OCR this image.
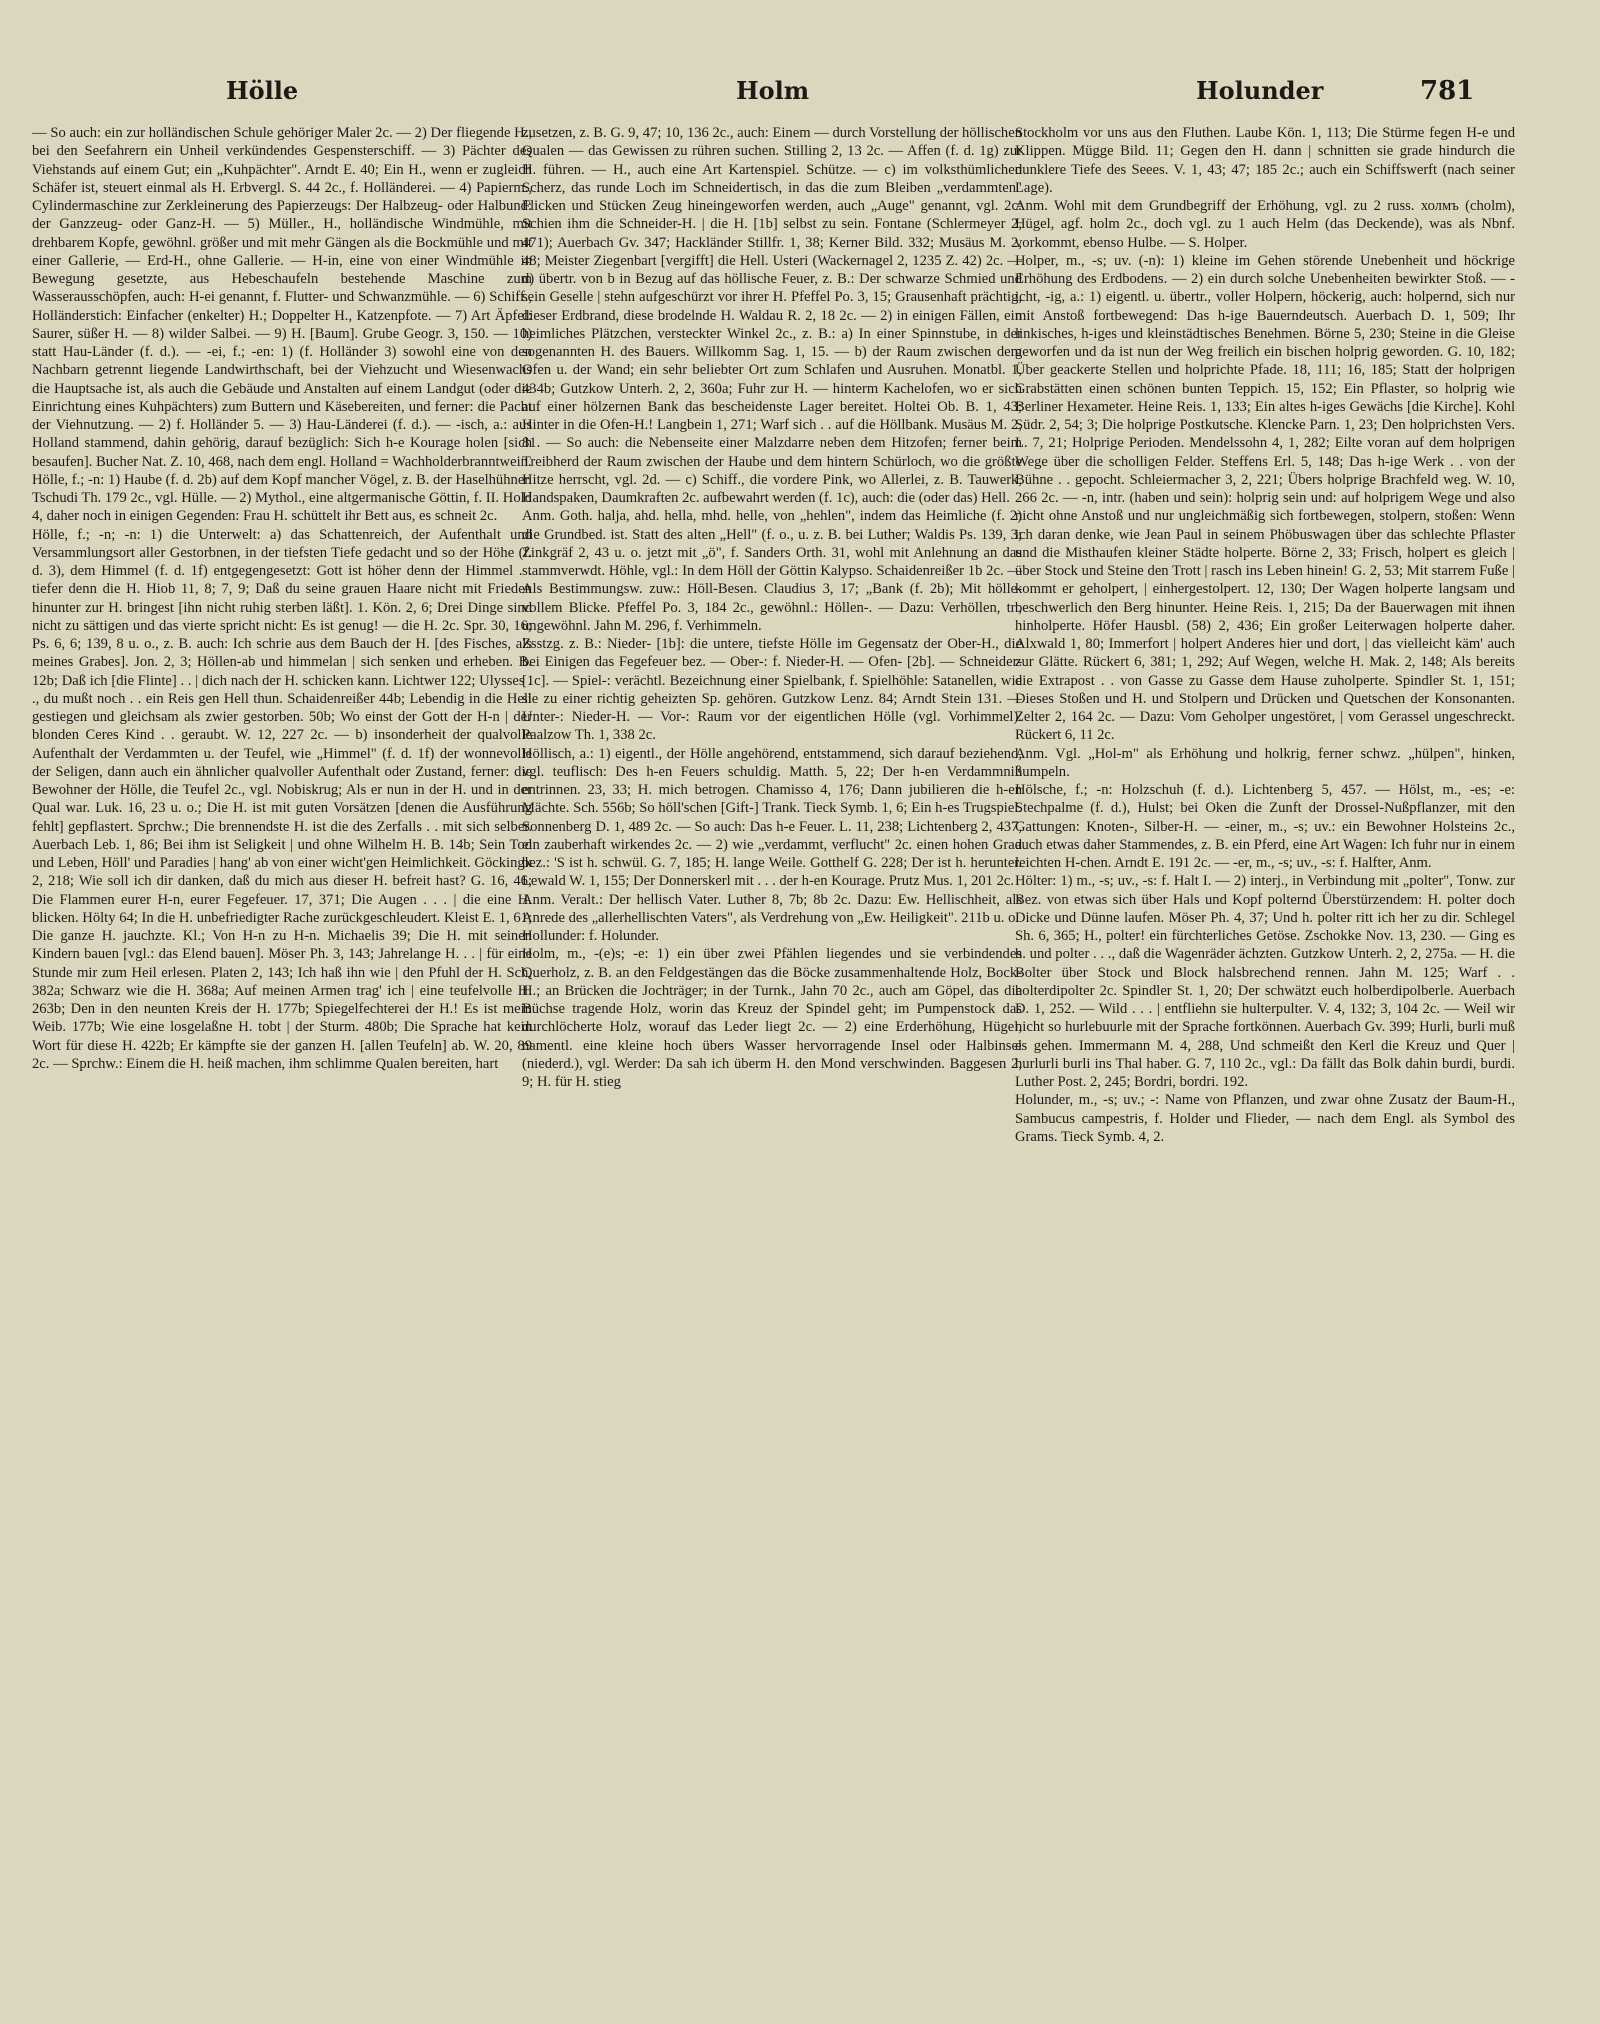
Hölle	Holm	Holunder	781

— So auch: ein zur holländischen Schule gehöriger Maler 2c. — 2) Der fliegende H., bei den Seefahrern ein Unheil verkündendes Gespensterschiff. — 3) Pächter des Viehstands auf einem Gut; ein „Kuhpächter". Arndt E. 40; Ein H., wenn er zugleich Schäfer ist, steuert einmal als H. Erbvergl. S. 44 2c., f. Holländerei. — 4) Papierm., Cylindermaschine zur Zerkleinerung des Papierzeugs: Der Halbzeug- oder Halbund: der Ganzzeug- oder Ganz-H. — 5) Müller., H., holländische Windmühle, mit drehbarem Kopfe, gewöhnl. größer und mit mehr Gängen als die Bockmühle und mit einer Gallerie, — Erd-H., ohne Gallerie. — H-in, eine von einer Windmühle in Bewegung gesetzte, aus Hebeschaufeln bestehende Maschine zum Wasserausschöpfen, auch: H-ei genannt, f. Flutter- und Schwanzmühle. — 6) Schiff., Holländerstich: Einfacher (enkelter) H.; Doppelter H., Katzenpfote. — 7) Art Äpfel: Saurer, süßer H. — 8) wilder Salbei. — 9) H. [Baum]. Grube Geogr. 3, 150. — 10) statt Hau-Länder (f. d.). — -ei, f.; -en: 1) (f. Holländer 3) sowohl eine von den Nachbarn getrennt liegende Landwirthschaft, bei der Viehzucht und Wiesenwachs die Hauptsache ist, als auch die Gebäude und Anstalten auf einem Landgut (oder die Einrichtung eines Kuhpächters) zum Buttern und Käsebereiten, und ferner: die Pacht der Viehnutzung. — 2) f. Holländer 5. — 3) Hau-Länderei (f. d.). — -isch, a.: aus Holland stammend, dahin gehörig, darauf bezüglich: Sich h-e Kourage holen [sich besaufen]. Bucher Nat. Z. 10, 468, nach dem engl. Holland = Wachholderbranntwein.

Hölle, f.; -n: 1) Haube (f. d. 2b) auf dem Kopf mancher Vögel, z. B. der Haselhühner. Tschudi Th. 179 2c., vgl. Hülle. — 2) Mythol., eine altgermanische Göttin, f. II. Hold 4, daher noch in einigen Gegenden: Frau H. schüttelt ihr Bett aus, es schneit 2c.

Hölle, f.; -n; -n: 1) die Unterwelt: a) das Schattenreich, der Aufenthalt und Versammlungsort aller Gestorbnen, in der tiefsten Tiefe gedacht und so der Höhe (f. d. 3), dem Himmel (f. d. 1f) entgegengesetzt: Gott ist höher denn der Himmel . . tiefer denn die H. Hiob 11, 8; 7, 9; Daß du seine grauen Haare nicht mit Frieden hinunter zur H. bringest [ihn nicht ruhig sterben läßt]. 1. Kön. 2, 6; Drei Dinge sind nicht zu sättigen und das vierte spricht nicht: Es ist genug! — die H. 2c. Spr. 30, 16; Ps. 6, 6; 139, 8 u. o., z. B. auch: Ich schrie aus dem Bauch der H. [des Fisches, als meines Grabes]. Jon. 2, 3; Höllen-ab und himmelan | sich senken und erheben. B. 12b; Daß ich [die Flinte] . . | dich nach der H. schicken kann. Lichtwer 122; Ulysses . ., du mußt noch . . ein Reis gen Hell thun. Schaidenreißer 44b; Lebendig in die Hell gestiegen und gleichsam als zwier gestorben. 50b; Wo einst der Gott der H-n | der blonden Ceres Kind . . geraubt. W. 12, 227 2c. — b) insonderheit der qualvolle Aufenthalt der Verdammten u. der Teufel, wie „Himmel" (f. d. 1f) der wonnevolle der Seligen, dann auch ein ähnlicher qualvoller Aufenthalt oder Zustand, ferner: die Bewohner der Hölle, die Teufel 2c., vgl. Nobiskrug; Als er nun in der H. und in der Qual war. Luk. 16, 23 u. o.; Die H. ist mit guten Vorsätzen [denen die Ausführung fehlt] gepflastert. Sprchw.; Die brennendste H. ist die des Zerfalls . . mit sich selber. Auerbach Leb. 1, 86; Bei ihm ist Seligkeit | und ohne Wilhelm H. B. 14b; Sein Tod und Leben, Höll' und Paradies | hang' ab von einer wicht'gen Heimlichkeit. Göckingk 2, 218; Wie soll ich dir danken, daß du mich aus dieser H. befreit hast? G. 16, 46; Die Flammen eurer H-n, eurer Fegefeuer. 17, 371; Die Augen . . . | die eine H. blicken. Hölty 64; In die H. unbefriedigter Rache zurückgeschleudert. Kleist E. 1, 61; Die ganze H. jauchzte. Kl.; Von H-n zu H-n. Michaelis 39; Die H. mit seinen Kindern bauen [vgl.: das Elend bauen]. Möser Ph. 3, 143; Jahrelange H. . . | für eine Stunde mir zum Heil erlesen. Platen 2, 143; Ich haß ihn wie | den Pfuhl der H. Sch. 382a; Schwarz wie die H. 368a; Auf meinen Armen trag' ich | eine teufelvolle H. 263b; Den in den neunten Kreis der H. 177b; Spiegelfechterei der H.! Es ist mein Weib. 177b; Wie eine losgelaßne H. tobt | der Sturm. 480b; Die Sprache hat kein Wort für diese H. 422b; Er kämpfte sie der ganzen H. [allen Teufeln] ab. W. 20, 89 2c. — Sprchw.: Einem die H. heiß machen, ihm schlimme Qualen bereiten, hart

zusetzen, z. B. G. 9, 47; 10, 136 2c., auch: Einem — durch Vorstellung der höllischen Qualen — das Gewissen zu rühren suchen. Stilling 2, 13 2c. — Affen (f. d. 1g) zur H. führen. — H., auch eine Art Kartenspiel. Schütze. — c) im volksthümlichen Scherz, das runde Loch im Schneidertisch, in das die zum Bleiben „verdammten" Flicken und Stücken Zeug hineingeworfen werden, auch „Auge" genannt, vgl. 2c: Schien ihm die Schneider-H. | die H. [1b] selbst zu sein. Fontane (Schlermeyer 2, 471); Auerbach Gv. 347; Hackländer Stillfr. 1, 38; Kerner Bild. 332; Musäus M. 2, 48; Meister Ziegenbart [vergifft] die Hell. Usteri (Wackernagel 2, 1235 Z. 42) 2c. — d) übertr. von b in Bezug auf das höllische Feuer, z. B.: Der schwarze Schmied und sein Geselle | stehn aufgeschürzt vor ihrer H. Pfeffel Po. 3, 15; Grausenhaft prächtig, dieser Erdbrand, diese brodelnde H. Waldau R. 2, 18 2c. — 2) in einigen Fällen, ein heimliches Plätzchen, versteckter Winkel 2c., z. B.: a) In einer Spinnstube, in der sogenannten H. des Bauers. Willkomm Sag. 1, 15. — b) der Raum zwischen dem Ofen u. der Wand; ein sehr beliebter Ort zum Schlafen und Ausruhen. Monatbl. 1, 434b; Gutzkow Unterh. 2, 2, 360a; Fuhr zur H. — hinterm Kachelofen, wo er sich auf einer hölzernen Bank das bescheidenste Lager bereitet. Holtei Ob. B. 1, 43; Hinter in die Ofen-H.! Langbein 1, 271; Warf sich . . auf die Höllbank. Musäus M. 2, 81. — So auch: die Nebenseite einer Malzdarre neben dem Hitzofen; ferner beim Treibherd der Raum zwischen der Haube und dem hintern Schürloch, wo die größte Hitze herrscht, vgl. 2d. — c) Schiff., die vordere Pink, wo Allerlei, z. B. Tauwerk, Handspaken, Daumkraften 2c. aufbewahrt werden (f. 1c), auch: die (oder das) Hell.

Anm. Goth. halja, ahd. hella, mhd. helle, von „hehlen", indem das Heimliche (f. 2) die Grundbed. ist. Statt des alten „Hell" (f. o., u. z. B. bei Luther; Waldis Ps. 139, 3; Zinkgräf 2, 43 u. o. jetzt mit „ö", f. Sanders Orth. 31, wohl mit Anlehnung an das stammverwdt. Höhle, vgl.: In dem Höll der Göttin Kalypso. Schaidenreißer 1b 2c. — Als Bestimmungsw. zuw.: Höll-Besen. Claudius 3, 17; „Bank (f. 2b); Mit hölle-vollem Blicke. Pfeffel Po. 3, 184 2c., gewöhnl.: Höllen-. — Dazu: Verhöllen, tr., ungewöhnl. Jahn M. 296, f. Verhimmeln.

Zsstzg. z. B.: Nieder- [1b]: die untere, tiefste Hölle im Gegensatz der Ober-H., die bei Einigen das Fegefeuer bez. — Ober-: f. Nieder-H. — Ofen- [2b]. — Schneider- [1c]. — Spiel-: verächtl. Bezeichnung einer Spielbank, f. Spielhöhle: Satanellen, wie sie zu einer richtig geheizten Sp. gehören. Gutzkow Lenz. 84; Arndt Stein 131. — Unter-: Nieder-H. — Vor-: Raum vor der eigentlichen Hölle (vgl. Vorhimmel). Paalzow Th. 1, 338 2c.

Höllisch, a.: 1) eigentl., der Hölle angehörend, entstammend, sich darauf beziehend, vgl. teuflisch: Des h-en Feuers schuldig. Matth. 5, 22; Der h-en Verdammniß entrinnen. 23, 33; H. mich betrogen. Chamisso 4, 176; Dann jubilieren die h-en Mächte. Sch. 556b; So höll'schen [Gift-] Trank. Tieck Symb. 1, 6; Ein h-es Trugspiel. Sonnenberg D. 1, 489 2c. — So auch: Das h-e Feuer. L. 11, 238; Lichtenberg 2, 437, ein zauberhaft wirkendes 2c. — 2) wie „verdammt, verflucht" 2c. einen hohen Grad bez.: 'S ist h. schwül. G. 7, 185; H. lange Weile. Gotthelf G. 228; Der ist h. herunter. Lewald W. 1, 155; Der Donnerskerl mit . . . der h-en Kourage. Prutz Mus. 1, 201 2c.

Anm. Veralt.: Der hellisch Vater. Luther 8, 7b; 8b 2c. Dazu: Ew. Hellischheit, als Anrede des „allerhellischten Vaters", als Verdrehung von „Ew. Heiligkeit". 211b u. o.

Hollunder: f. Holunder.

Holm, m., -(e)s; -e: 1) ein über zwei Pfählen liegendes und sie verbindendes Querholz, z. B. an den Feldgestängen das die Böcke zusammenhaltende Holz, Bock-H.; an Brücken die Jochträger; in der Turnk., Jahn 70 2c., auch am Göpel, das die Büchse tragende Holz, worin das Kreuz der Spindel geht; im Pumpenstock das durchlöcherte Holz, worauf das Leder liegt 2c. — 2) eine Erderhöhung, Hügel, namentl. eine kleine hoch übers Wasser hervorragende Insel oder Halbinsel (niederd.), vgl. Werder: Da sah ich überm H. den Mond verschwinden. Baggesen 2, 9; H. für H. stieg

Stockholm vor uns aus den Fluthen. Laube Kön. 1, 113; Die Stürme fegen H-e und Klippen. Mügge Bild. 11; Gegen den H. dann | schnitten sie grade hindurch die dunklere Tiefe des Seees. V. 1, 43; 47; 185 2c.; auch ein Schiffswerft (nach seiner Lage).

Anm. Wohl mit dem Grundbegriff der Erhöhung, vgl. zu 2 russ. холмъ (cholm), Hügel, agf. holm 2c., doch vgl. zu 1 auch Helm (das Deckende), was als Nbnf. vorkommt, ebenso Hulbe. — S. Holper.

Holper, m., -s; uv. (-n): 1) kleine im Gehen störende Unebenheit und höckrige Erhöhung des Erdbodens. — 2) ein durch solche Unebenheiten bewirkter Stoß. — -icht, -ig, a.: 1) eigentl. u. übertr., voller Holpern, höckerig, auch: holpernd, sich nur mit Anstoß fortbewegend: Das h-ige Bauerndeutsch. Auerbach D. 1, 509; Ihr linkisches, h-iges und kleinstädtisches Benehmen. Börne 5, 230; Steine in die Gleise geworfen und da ist nun der Weg freilich ein bischen holprig geworden. G. 10, 182; Über geackerte Stellen und holprichte Pfade. 18, 111; 16, 185; Statt der holprigen Grabstätten einen schönen bunten Teppich. 15, 152; Ein Pflaster, so holprig wie Berliner Hexameter. Heine Reis. 1, 133; Ein altes h-iges Gewächs [die Kirche]. Kohl Südr. 2, 54; 3; Die holprige Postkutsche. Klencke Parn. 1, 23; Den holprichsten Vers. L. 7, 21; Holprige Perioden. Mendelssohn 4, 1, 282; Eilte voran auf dem holprigen Wege über die scholligen Felder. Steffens Erl. 5, 148; Das h-ige Werk . . von der Bühne . . gepocht. Schleiermacher 3, 2, 221; Übers holprige Brachfeld weg. W. 10, 266 2c. — -n, intr. (haben und sein): holprig sein und: auf holprigem Wege und also nicht ohne Anstoß und nur ungleichmäßig sich fortbewegen, stolpern, stoßen: Wenn ich daran denke, wie Jean Paul in seinem Phöbuswagen über das schlechte Pflaster und die Misthaufen kleiner Städte holperte. Börne 2, 33; Frisch, holpert es gleich | über Stock und Steine den Trott | rasch ins Leben hinein! G. 2, 53; Mit starrem Fuße | kommt er geholpert, | einhergestolpert. 12, 130; Der Wagen holperte langsam und beschwerlich den Berg hinunter. Heine Reis. 1, 215; Da der Bauerwagen mit ihnen hinholperte. Höfer Hausbl. (58) 2, 436; Ein großer Leiterwagen holperte daher. Alxwald 1, 80; Immerfort | holpert Anderes hier und dort, | das vielleicht käm' auch zur Glätte. Rückert 6, 381; 1, 292; Auf Wegen, welche H. Mak. 2, 148; Als bereits die Extrapost . . von Gasse zu Gasse dem Hause zuholperte. Spindler St. 1, 151; Dieses Stoßen und H. und Stolpern und Drücken und Quetschen der Konsonanten. Zelter 2, 164 2c. — Dazu: Vom Geholper ungestöret, | vom Gerassel ungeschreckt. Rückert 6, 11 2c.

Anm. Vgl. „Hol-m" als Erhöhung und holkrig, ferner schwz. „hülpen", hinken, humpeln.

Hölsche, f.; -n: Holzschuh (f. d.). Lichtenberg 5, 457. — Hölst, m., -es; -e: Stechpalme (f. d.), Hulst; bei Oken die Zunft der Drossel-Nußpflanzer, mit den Gattungen: Knoten-, Silber-H. — -einer, m., -s; uv.: ein Bewohner Holsteins 2c., auch etwas daher Stammendes, z. B. ein Pferd, eine Art Wagen: Ich fuhr nur in einem leichten H-chen. Arndt E. 191 2c. — -er, m., -s; uv., -s: f. Halfter, Anm.

Hölter: 1) m., -s; uv., -s: f. Halt I. — 2) interj., in Verbindung mit „polter", Tonw. zur Bez. von etwas sich über Hals und Kopf polternd Überstürzendem: H. polter doch Dicke und Dünne laufen. Möser Ph. 4, 37; Und h. polter ritt ich her zu dir. Schlegel Sh. 6, 365; H., polter! ein fürchterliches Getöse. Zschokke Nov. 13, 230. — Ging es h. und polter . . ., daß die Wagenräder ächzten. Gutzkow Unterh. 2, 2, 275a. — H. die Bolter über Stock und Block halsbrechend rennen. Jahn M. 125; Warf . . holterdipolter 2c. Spindler St. 1, 20; Der schwätzt euch holberdipolberle. Auerbach D. 1, 252. — Wild . . . | entfliehn sie hulterpulter. V. 4, 132; 3, 104 2c. — Weil wir nicht so hurlebuurle mit der Sprache fortkönnen. Auerbach Gv. 399; Hurli, burli muß es gehen. Immermann M. 4, 288, Und schmeißt den Kerl die Kreuz und Quer | hurlurli burli ins Thal haber. G. 7, 110 2c., vgl.: Da fällt das Bolk dahin burdi, burdi. Luther Post. 2, 245; Bordri, bordri. 192.

Holunder, m., -s; uv.; -: Name von Pflanzen, und zwar ohne Zusatz der Baum-H., Sambucus campestris, f. Holder und Flieder, — nach dem Engl. als Symbol des Grams. Tieck Symb. 4, 2.
